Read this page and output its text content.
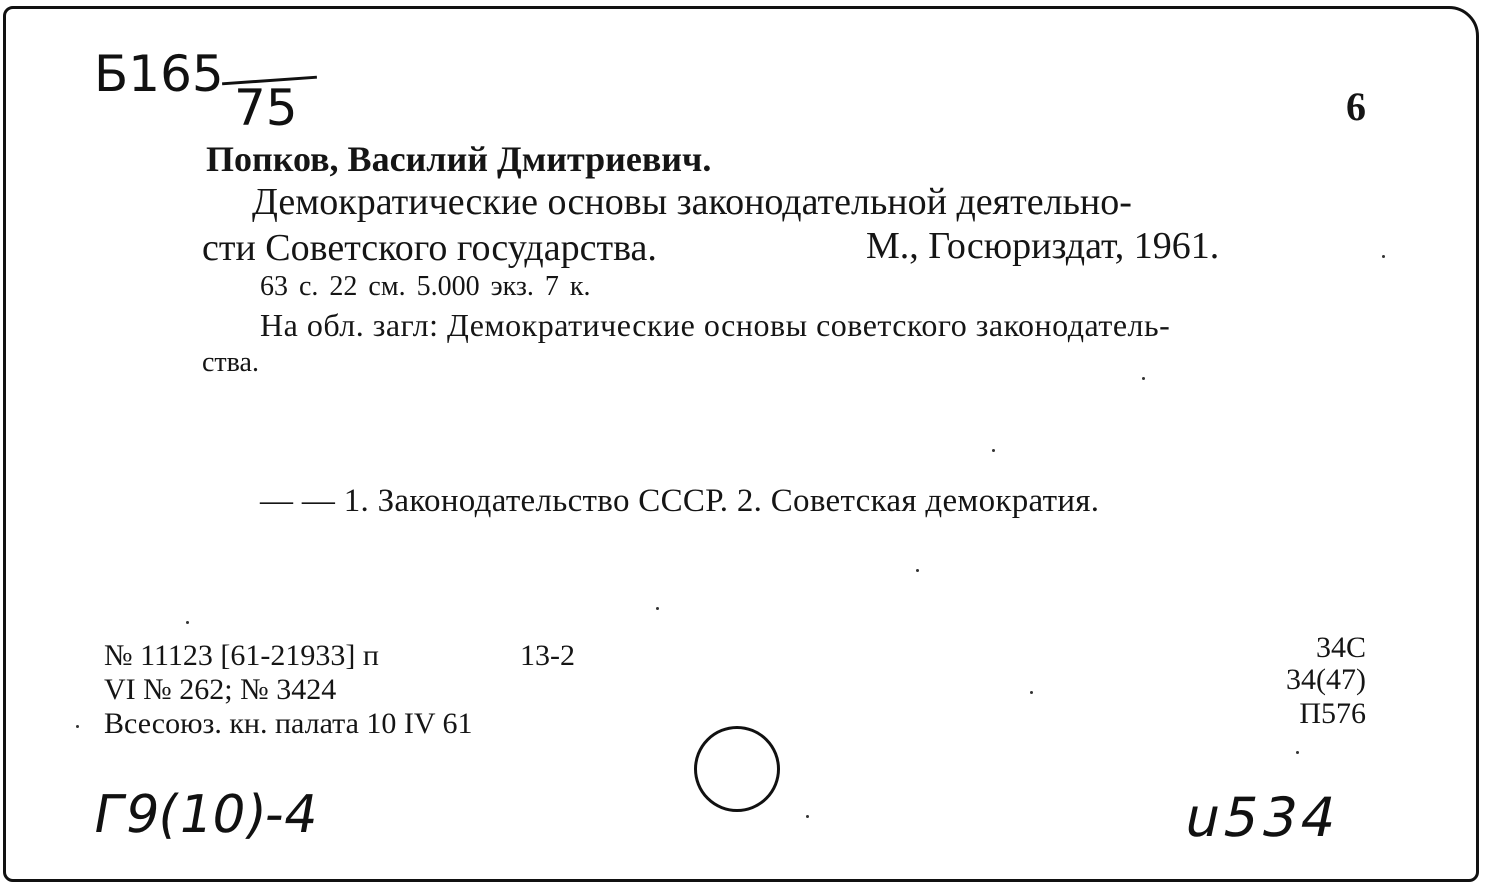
Б165
75	6
Попков, Василий Дмитриевич.
Демократические основы законодательной деятельно-
сти Советского государства.	М., Госюриздат, 1961.
63 с. 22 см. 5.000 экз. 7 к.
На обл. загл: Демократические основы советского законодатель-
ства.
— — 1. Законодательство СССР. 2. Советская демократия.
№ 11123 [61-21933] п	13-2
VI № 262; № 3424
Всесоюз. кн. палата 10 IV 61
34С
34(47)
П576
Г9(10)-4	u534
